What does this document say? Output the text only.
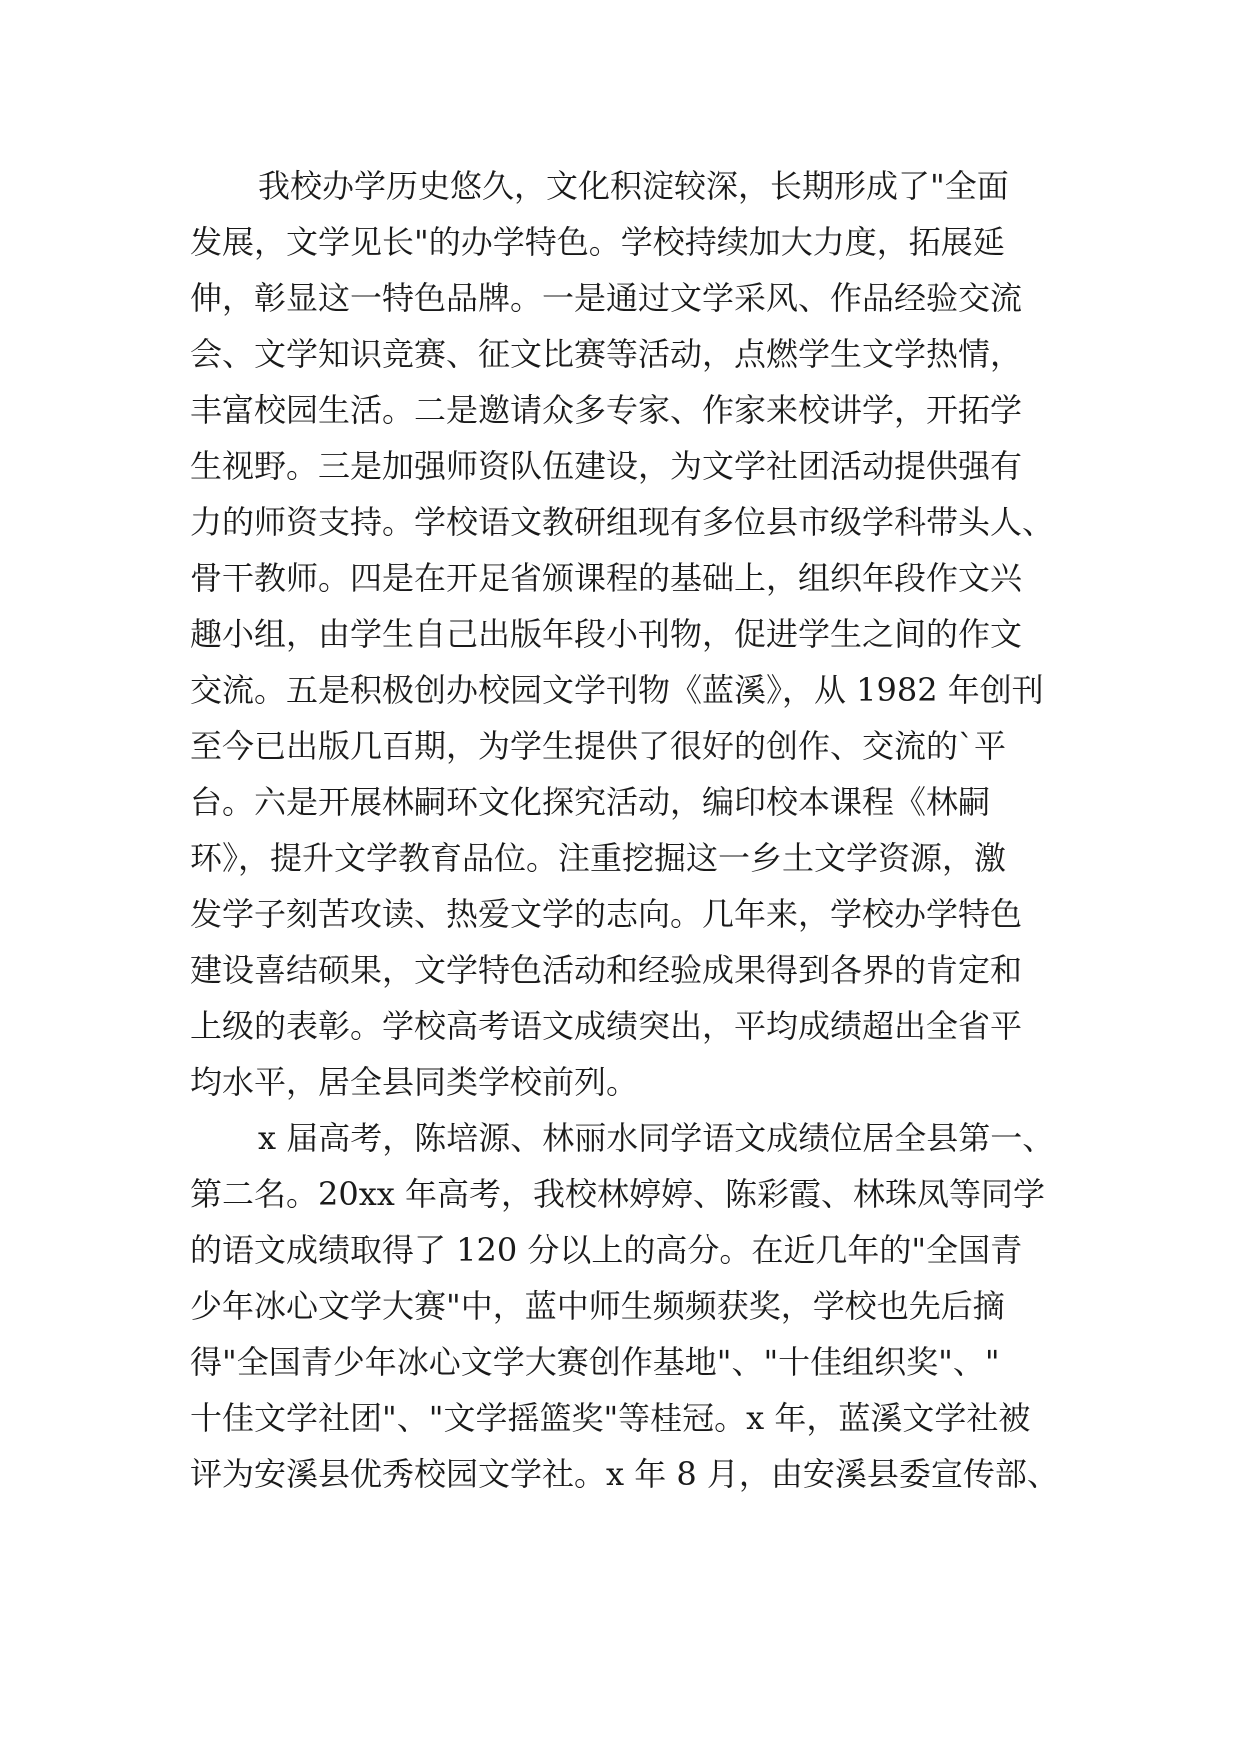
我校办学历史悠久，文化积淀较深，长期形成了"全面
发展，文学见长"的办学特色。学校持续加大力度，拓展延
伸，彰显这一特色品牌。一是通过文学采风、作品经验交流
会、文学知识竞赛、征文比赛等活动，点燃学生文学热情，
丰富校园生活。二是邀请众多专家、作家来校讲学，开拓学
生视野。三是加强师资队伍建设，为文学社团活动提供强有
力的师资支持。学校语文教研组现有多位县市级学科带头人、
骨干教师。四是在开足省颁课程的基础上，组织年段作文兴
趣小组，由学生自己出版年段小刊物，促进学生之间的作文
交流。五是积极创办校园文学刊物《蓝溪》，从 1982 年创刊
至今已出版几百期，为学生提供了很好的创作、交流的`平
台。六是开展林嗣环文化探究活动，编印校本课程《林嗣
环》，提升文学教育品位。注重挖掘这一乡土文学资源，激
发学子刻苦攻读、热爱文学的志向。几年来，学校办学特色
建设喜结硕果，文学特色活动和经验成果得到各界的肯定和
上级的表彰。学校高考语文成绩突出，平均成绩超出全省平
均水平，居全县同类学校前列。
x 届高考，陈培源、林丽水同学语文成绩位居全县第一、
第二名。20xx 年高考，我校林婷婷、陈彩霞、林珠凤等同学
的语文成绩取得了 120 分以上的高分。在近几年的"全国青
少年冰心文学大赛"中，蓝中师生频频获奖，学校也先后摘
得"全国青少年冰心文学大赛创作基地"、"十佳组织奖"、"
十佳文学社团"、"文学摇篮奖"等桂冠。x 年，蓝溪文学社被
评为安溪县优秀校园文学社。x 年 8 月，由安溪县委宣传部、
